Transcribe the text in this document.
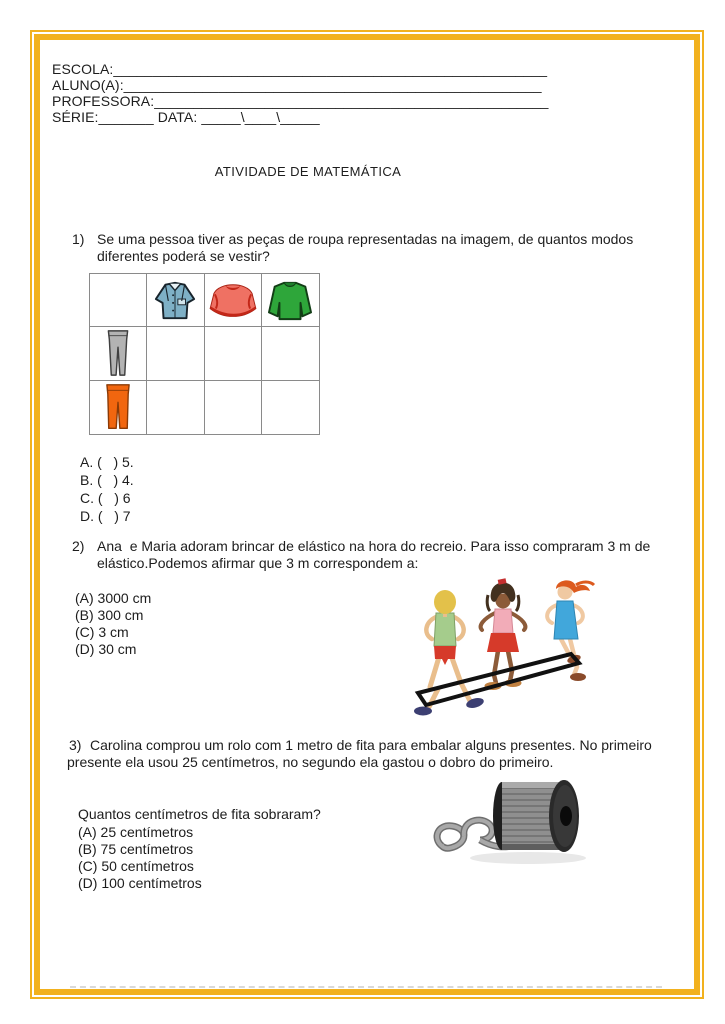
ESCOLA:_______________________________________________________
ALUNO(A):_____________________________________________________
PROFESSORA:__________________________________________________
SÉRIE:_______ DATA: _____\____\_____
ATIVIDADE DE MATEMÁTICA
1) Se uma pessoa tiver as peças de roupa representadas na imagem, de quantos modos
diferentes poderá se vestir?
A. (   ) 5.
B. (   ) 4.
C. (   ) 6
D. (   ) 7
2) Ana  e Maria adoram brincar de elástico na hora do recreio. Para isso compraram 3 m de
elástico.Podemos afirmar que 3 m correspondem a:
(A) 3000 cm
(B) 300 cm
(C) 3 cm
(D) 30 cm
3) Carolina comprou um rolo com 1 metro de fita para embalar alguns presentes. No primeiro
presente ela usou 25 centímetros, no segundo ela gastou o dobro do primeiro.
Quantos centímetros de fita sobraram?
(A) 25 centímetros
(B) 75 centímetros
(C) 50 centímetros
(D) 100 centímetros
